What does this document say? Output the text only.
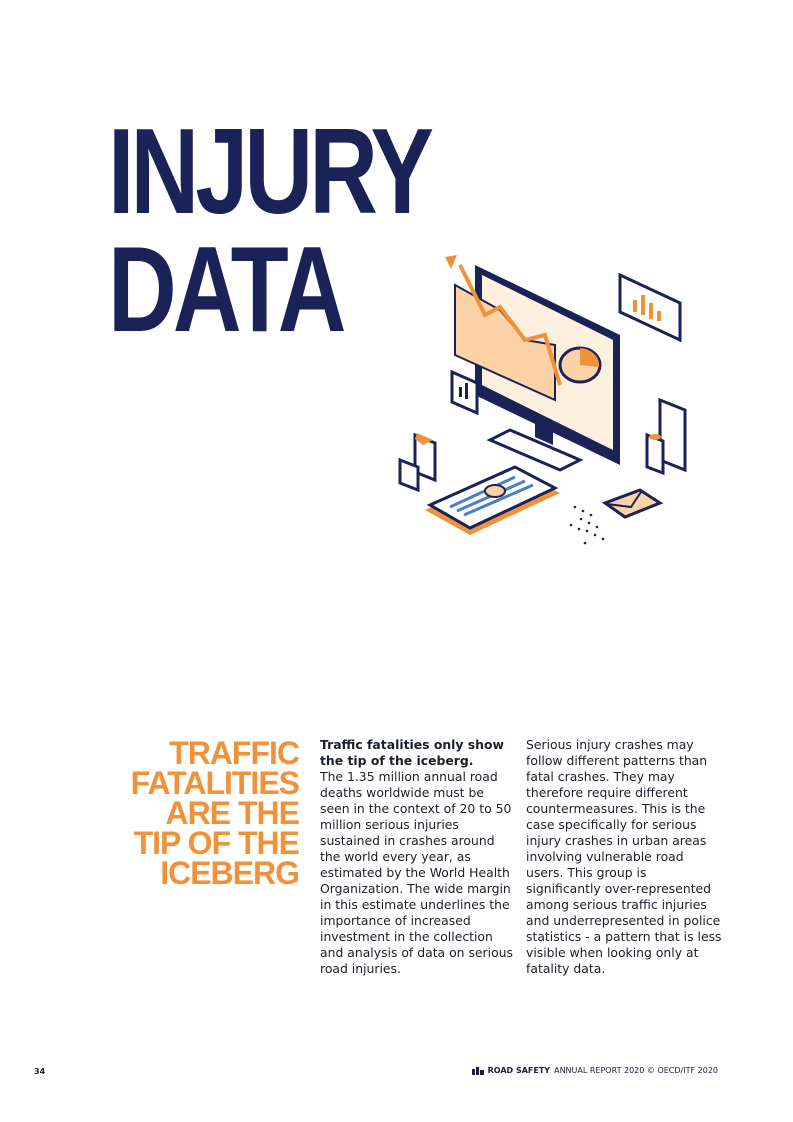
INJURY
DATA
TRAFFIC
FATALITIES
ARE THE
TIP OF THE
ICEBERG
Traffic fatalities only show the tip of the iceberg.
The 1.35 million annual road deaths worldwide must be seen in the context of 20 to 50 million serious injuries sustained in crashes around the world every year, as estimated by the World Health Organization. The wide margin in this estimate underlines the importance of increased investment in the collection and analysis of data on serious road injuries.
Serious injury crashes may follow different patterns than fatal crashes. They may therefore require different countermeasures. This is the case specifically for serious injury crashes in urban areas involving vulnerable road users. This group is significantly over-represented among serious traffic injuries and underrepresented in police statistics - a pattern that is less visible when looking only at fatality data.
34	ROAD SAFETY ANNUAL REPORT 2020 © OECD/ITF 2020
